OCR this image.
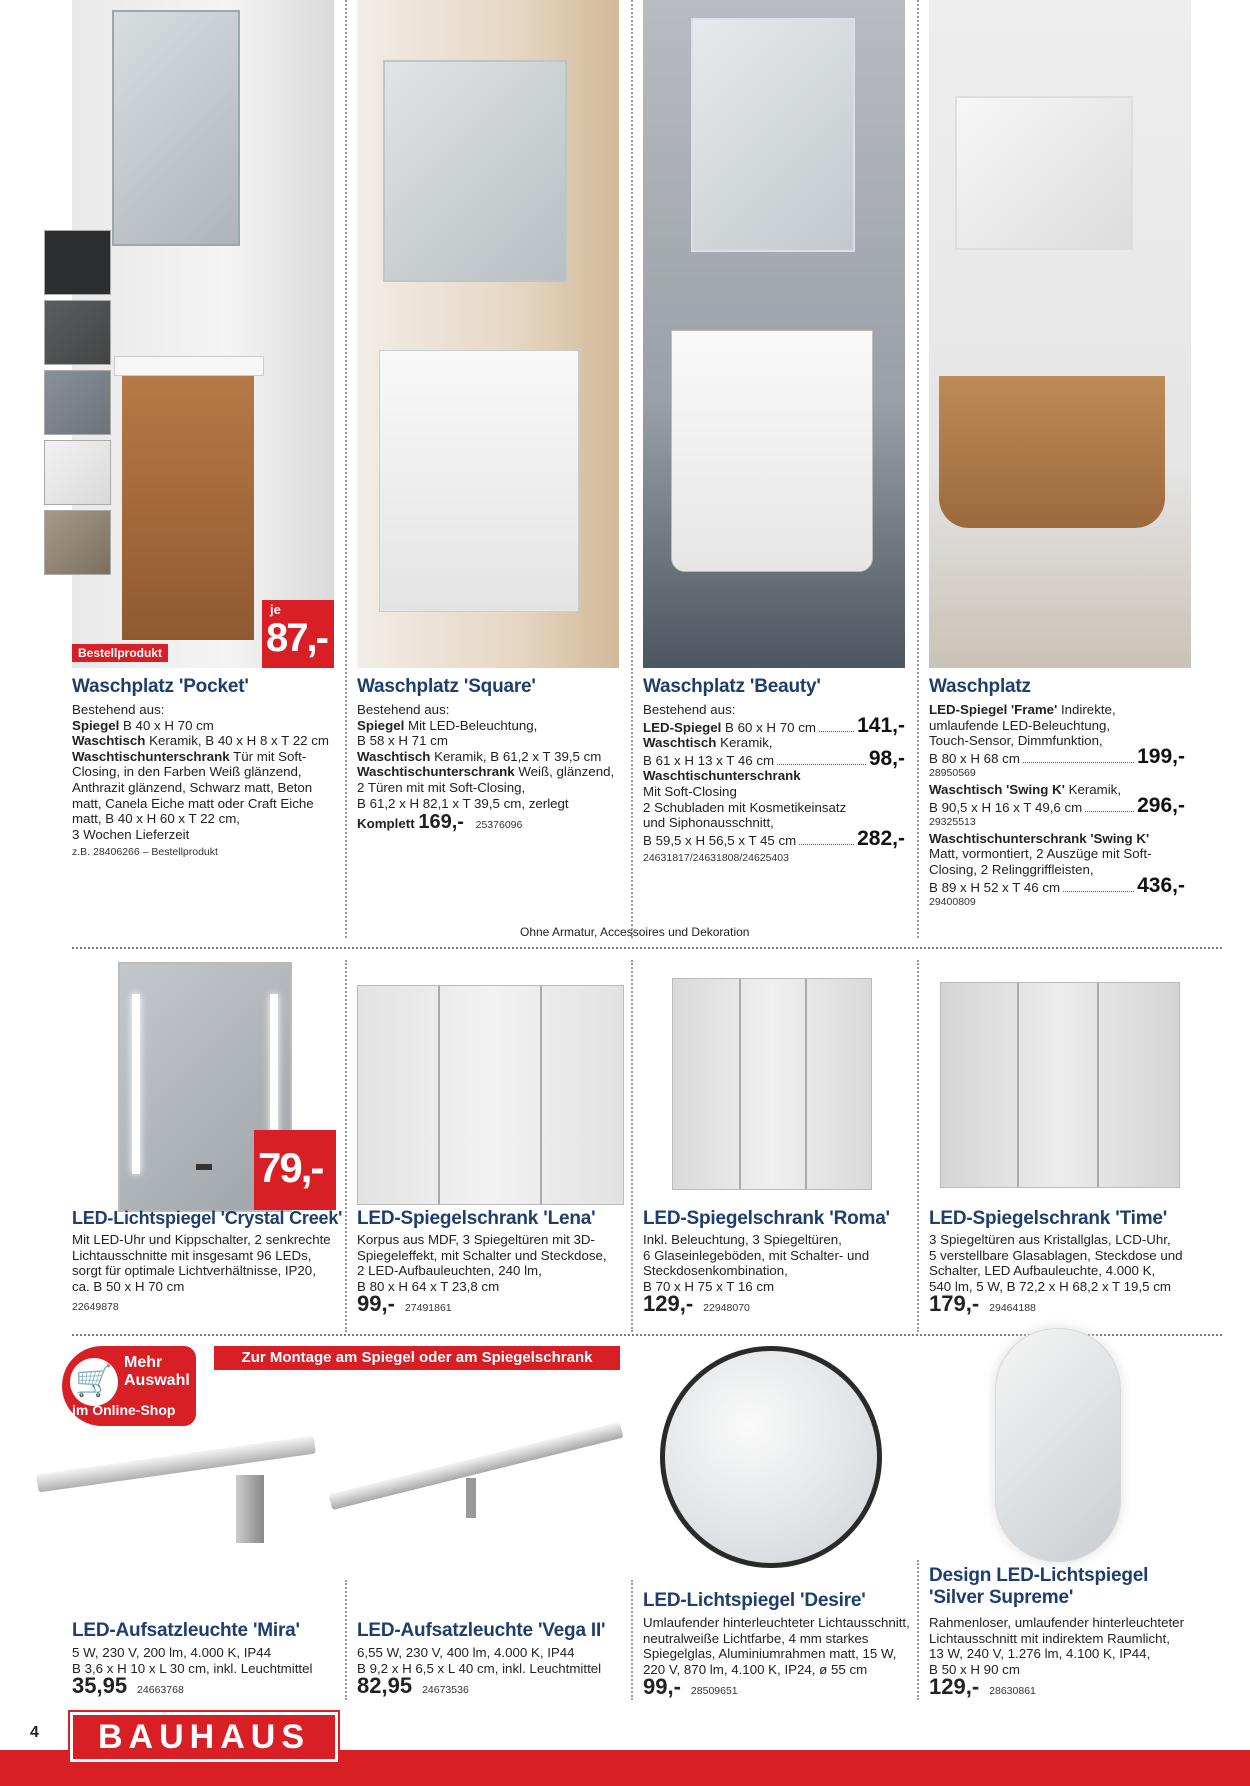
Bestellprodukt
je
87,-
Waschplatz 'Pocket'
Bestehend aus:
Spiegel B 40 x H 70 cm
Waschtisch Keramik, B 40 x H 8 x T 22 cm
Waschtischunterschrank Tür mit Soft-
Closing, in den Farben Weiß glänzend,
Anthrazit glänzend, Schwarz matt, Beton
matt, Canela Eiche matt oder Craft Eiche
matt, B 40 x H 60 x T 22 cm,
3 Wochen Lieferzeit
z.B. 28406266 – Bestellprodukt
Waschplatz 'Square'
Bestehend aus:
Spiegel Mit LED-Beleuchtung,
B 58 x H 71 cm
Waschtisch Keramik, B 61,2 x T 39,5 cm
Waschtischunterschrank Weiß, glänzend,
2 Türen mit mit Soft-Closing,
B 61,2 x H 82,1 x T 39,5 cm, zerlegt
Komplett 169,- 25376096
Waschplatz 'Beauty'
Bestehend aus:
LED-Spiegel B 60 x H 70 cm 141,-
Waschtisch Keramik,
B 61 x H 13 x T 46 cm	98,-
Waschtischunterschrank
Mit Soft-Closing
2 Schubladen mit Kosmetikeinsatz
und Siphonausschnitt,
B 59,5 x H 56,5 x T 45 cm	282,-
24631817/24631808/24625403
Waschplatz
LED-Spiegel 'Frame' Indirekte,
umlaufende LED-Beleuchtung,
Touch-Sensor, Dimmfunktion,
B 80 x H 68 cm	199,-
28950569
Waschtisch 'Swing K' Keramik,
B 90,5 x H 16 x T 49,6 cm	296,-
29325513
Waschtischunterschrank 'Swing K'
Matt, vormontiert, 2 Auszüge mit Soft-
Closing, 2 Relinggriffleisten,
B 89 x H 52 x T 46 cm	436,-
29400809
Ohne Armatur, Accessoires und Dekoration
79,-
LED-Lichtspiegel 'Crystal Creek'
Mit LED-Uhr und Kippschalter, 2 senkrechte
Lichtausschnitte mit insgesamt 96 LEDs,
sorgt für optimale Lichtverhältnisse, IP20,
ca. B 50 x H 70 cm
22649878
LED-Spiegelschrank 'Lena'
Korpus aus MDF, 3 Spiegeltüren mit 3D-
Spiegeleffekt, mit Schalter und Steckdose,
2 LED-Aufbauleuchten, 240 lm,
B 80 x H 64 x T 23,8 cm
99,- 27491861
LED-Spiegelschrank 'Roma'
Inkl. Beleuchtung, 3 Spiegeltüren,
6 Glaseinlegeböden, mit Schalter- und
Steckdosenkombination,
B 70 x H 75 x T 16 cm
129,- 22948070
LED-Spiegelschrank 'Time'
3 Spiegeltüren aus Kristallglas, LCD-Uhr,
5 verstellbare Glasablagen, Steckdose und
Schalter, LED Aufbauleuchte, 4.000 K,
540 lm, 5 W, B 72,2 x H 68,2 x T 19,5 cm
179,- 29464188
🛒
Mehr
Auswahl
im Online-Shop
Zur Montage am Spiegel oder am Spiegelschrank
LED-Aufsatzleuchte 'Mira'
5 W, 230 V, 200 lm, 4.000 K, IP44
B 3,6 x H 10 x L 30 cm, inkl. Leuchtmittel
35,95 24663768
LED-Aufsatzleuchte 'Vega II'
6,55 W, 230 V, 400 lm, 4.000 K, IP44
B 9,2 x H 6,5 x L 40 cm, inkl. Leuchtmittel
82,95 24673536
LED-Lichtspiegel 'Desire'
Umlaufender hinterleuchteter Lichtausschnitt,
neutralweiße Lichtfarbe, 4 mm starkes
Spiegelglas, Aluminiumrahmen matt, 15 W,
220 V, 870 lm, 4.100 K, IP24, ø 55 cm
99,- 28509651
Design LED-Lichtspiegel
'Silver Supreme'
Rahmenloser, umlaufender hinterleuchteter
Lichtausschnitt mit indirektem Raumlicht,
13 W, 240 V, 1.276 lm, 4.100 K, IP44,
B 50 x H 90 cm
129,- 28630861
4	BAUHAUS
